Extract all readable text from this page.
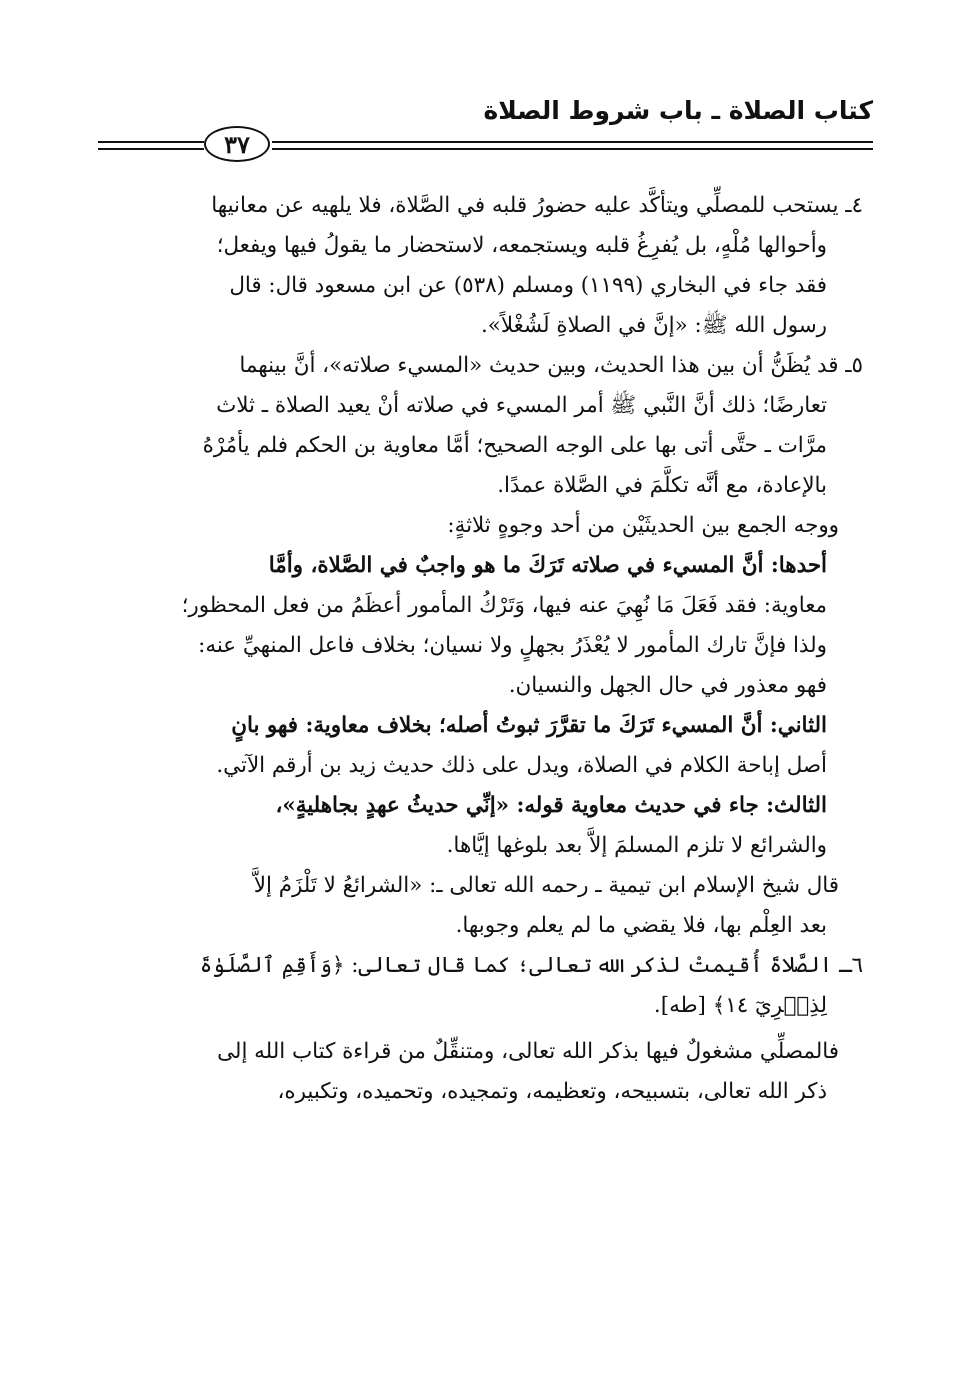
كتاب الصلاة ـ باب شروط الصلاة
٣٧
٤ـ يستحب للمصلِّي ويتأكَّد عليه حضورُ قلبه في الصَّلاة، فلا يلهيه عن معانيها
وأحوالها مُلْهٍ، بل يُفرِغُ قلبه ويستجمعه، لاستحضار ما يقولُ فيها ويفعل؛
فقد جاء في البخاري (١١٩٩) ومسلم (٥٣٨) عن ابن مسعود قال: قال
رسول الله ﷺ: «إنَّ في الصلاةِ لَشُغْلاً».
٥ـ قد يُظَنُّ أن بين هذا الحديث، وبين حديث «المسيء صلاته»، أنَّ بينهما
تعارضًا؛ ذلك أنَّ النَّبي ﷺ أمر المسيء في صلاته أنْ يعيد الصلاة ـ ثلاث
مرَّات ـ حتَّى أتى بها على الوجه الصحيح؛ أمَّا معاوية بن الحكم فلم يأمُرْهُ
بالإعادة، مع أنَّه تكلَّمَ في الصَّلاة عمدًا.
ووجه الجمع بين الحديثَيْن من أحد وجوهٍ ثلاثةٍ:
أحدها: أنَّ المسيء في صلاته تَرَكَ ما هو واجبٌ في الصَّلاة، وأمَّا
معاوية: فقد فَعَلَ مَا نُهِيَ عنه فيها، وَتَرْكُ المأمور أعظَمُ من فعل المحظور؛
ولذا فإنَّ تارك المأمور لا يُعْذَرُ بجهلٍ ولا نسيان؛ بخلاف فاعل المنهيِّ عنه:
فهو معذور في حال الجهل والنسيان.
الثاني: أنَّ المسيء تَرَكَ ما تقرَّرَ ثبوتُ أصله؛ بخلاف معاوية: فهو بانٍ
أصل إباحة الكلام في الصلاة، ويدل على ذلك حديث زيد بن أرقم الآتي.
الثالث: جاء في حديث معاوية قوله: «إنِّي حديثُ عهدٍ بجاهليةٍ»،
والشرائع لا تلزم المسلمَ إلاَّ بعد بلوغها إيَّاها.
قال شيخ الإسلام ابن تيمية ـ رحمه الله تعالى ـ: «الشرائعُ لا تَلْزَمُ إلاَّ
بعد العِلْم بها، فلا يقضي ما لم يعلم وجوبها.
٦ـ الصَّلاةَ أُقيمتْ لذكر الله تعالى؛ كما قال تعالى: ﴿وَأَقِمِ ٱلصَّلَوٰةَ
لِذِكۡرِيٓ ١٤﴾ [طه].
فالمصلِّي مشغولٌ فيها بذكر الله تعالى، ومتنقِّلٌ من قراءة كتاب الله إلى
ذكر الله تعالى، بتسبيحه، وتعظيمه، وتمجيده، وتحميده، وتكبيره،
